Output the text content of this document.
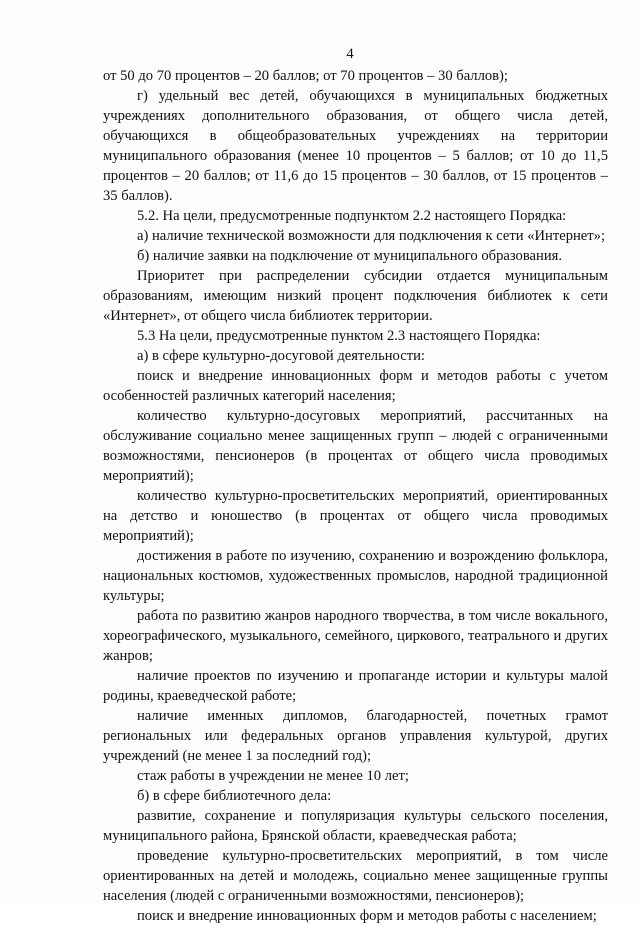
4

от 50 до 70 процентов – 20 баллов; от 70 процентов – 30 баллов);

г) удельный вес детей, обучающихся в муниципальных бюджетных учреждениях дополнительного образования, от общего числа детей, обучающихся в общеобразовательных учреждениях на территории муниципального образования (менее 10 процентов – 5 баллов; от 10 до 11,5 процентов – 20 баллов; от 11,6 до 15 процентов – 30 баллов, от 15 процентов – 35 баллов).

5.2. На цели, предусмотренные подпунктом 2.2 настоящего Порядка:

а) наличие технической возможности для подключения к сети «Интернет»;

б) наличие заявки на подключение от муниципального образования.

Приоритет при распределении субсидии отдается муниципальным образованиям, имеющим низкий процент подключения библиотек к сети «Интернет», от общего числа библиотек территории.

5.3 На цели, предусмотренные пунктом 2.3 настоящего Порядка:

а) в сфере культурно-досуговой деятельности:

поиск и внедрение инновационных форм и методов работы с учетом особенностей различных категорий населения;

количество культурно-досуговых мероприятий, рассчитанных на обслуживание социально менее защищенных групп – людей с ограниченными возможностями, пенсионеров (в процентах от общего числа проводимых мероприятий);

количество культурно-просветительских мероприятий, ориентированных на детство и юношество (в процентах от общего числа проводимых мероприятий);

достижения в работе по изучению, сохранению и возрождению фольклора, национальных костюмов, художественных промыслов, народной традиционной культуры;

работа по развитию жанров народного творчества, в том числе вокального, хореографического, музыкального, семейного, циркового, театрального и других жанров;

наличие проектов по изучению и пропаганде истории и культуры малой родины, краеведческой работе;

наличие именных дипломов, благодарностей, почетных грамот региональных или федеральных органов управления культурой, других учреждений (не менее 1 за последний год);

стаж работы в учреждении не менее 10 лет;

б) в сфере библиотечного дела:

развитие, сохранение и популяризация культуры сельского поселения, муниципального района, Брянской области, краеведческая работа;

проведение культурно-просветительских мероприятий, в том числе ориентированных на детей и молодежь, социально менее защищенные группы населения (людей с ограниченными возможностями, пенсионеров);

поиск и внедрение инновационных форм и методов работы с населением;
